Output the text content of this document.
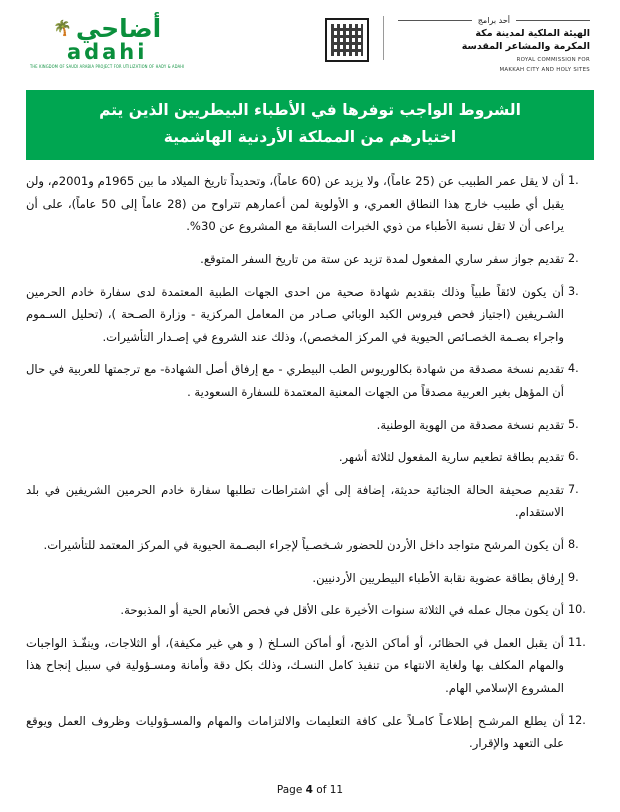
🌴 أضاحي
adahi
THE KINGDOM OF SAUDI ARABIA PROJECT FOR UTILIZATION OF HADY & ADAHI
أحد برامج
الهيئة الملكية لمدينة مكة
المكرمة والمشاعر المقدسة
ROYAL COMMISSION FOR
MAKKAH CITY AND HOLY SITES
الشروط الواجب توفرها في الأطباء البيطريين الذين يتم
اختيارهم من المملكة الأردنية الهاشمية
1.
أن لا يقل عمر الطبيب عن (25 عاماً)، ولا يزيد عن (60 عاماً)، وتحديداً تاريخ الميلاد ما بين 1965م و2001م، ولن يقبل أي طبيب خارج هذا النطاق العمري، و الأولوية لمن أعمارهم تتراوح من (28 عاماً إلى 50 عاماً)، على أن يراعى أن لا تقل نسبة الأطباء من ذوي الخبرات السابقة مع المشروع عن 30%.
2.
تقديم جواز سفر ساري المفعول لمدة تزيد عن ستة من تاريخ السفر المتوقع.
3.
أن يكون لائقاً طبياً وذلك بتقديم شهادة صحية من احدى الجهات الطبية المعتمدة لدى سفارة خادم الحرمين الشـريفين (اجتياز فحص فيروس الكبد الوبائي صـادر من المعامل المركزية - وزارة الصـحة )، (تحليل السـموم واجراء بصـمة الخصـائص الحيوية في المركز المخصص)، وذلك عند الشروع في إصـدار التأشيرات.
4.
تقديم نسخة مصدقة من شهادة بكالوريوس الطب البيطري - مع إرفاق أصل الشهادة- مع ترجمتها للعربية في حال أن المؤهل بغير العربية مصدقاً من الجهات المعنية المعتمدة للسفارة السعودية .
5.
تقديم نسخة مصدقة من الهوية الوطنية.
6.
تقديم بطاقة تطعيم سارية المفعول لثلاثة أشهر.
7.
تقديم صحيفة الحالة الجنائية حديثة، إضافة إلى أي اشتراطات تطلبها سفارة خادم الحرمين الشريفين في بلد الاستقدام.
8.
أن يكون المرشح متواجد داخل الأردن للحضور شـخصـياً لإجراء البصـمة الحيوية في المركز المعتمد للتأشيرات.
9.
إرفاق بطاقة عضوية نقابة الأطباء البيطريين الأردنيين.
10.
أن يكون مجال عمله في الثلاثة سنوات الأخيرة على الأقل في فحص الأنعام الحية أو المذبوحة.
11.
أن يقبل العمل في الحظائر، أو أماكن الذبح، أو أماكن السـلخ ( و هي غير مكيفة)، أو الثلاجات، وينفّـذ الواجبات والمهام المكلف بها ولغاية الانتهاء من تنفيذ كامل النسـك، وذلك بكل دقة وأمانة ومسـؤولية في سبيل إنجاح هذا المشروع الإسلامي الهام.
12.
أن يطلع المرشـح إطلاعـاً كامـلاً على كافة التعليمات والالتزامات والمهام والمسـؤوليات وظروف العمل ويوقع على التعهد والإقرار.
Page 4 of 11
